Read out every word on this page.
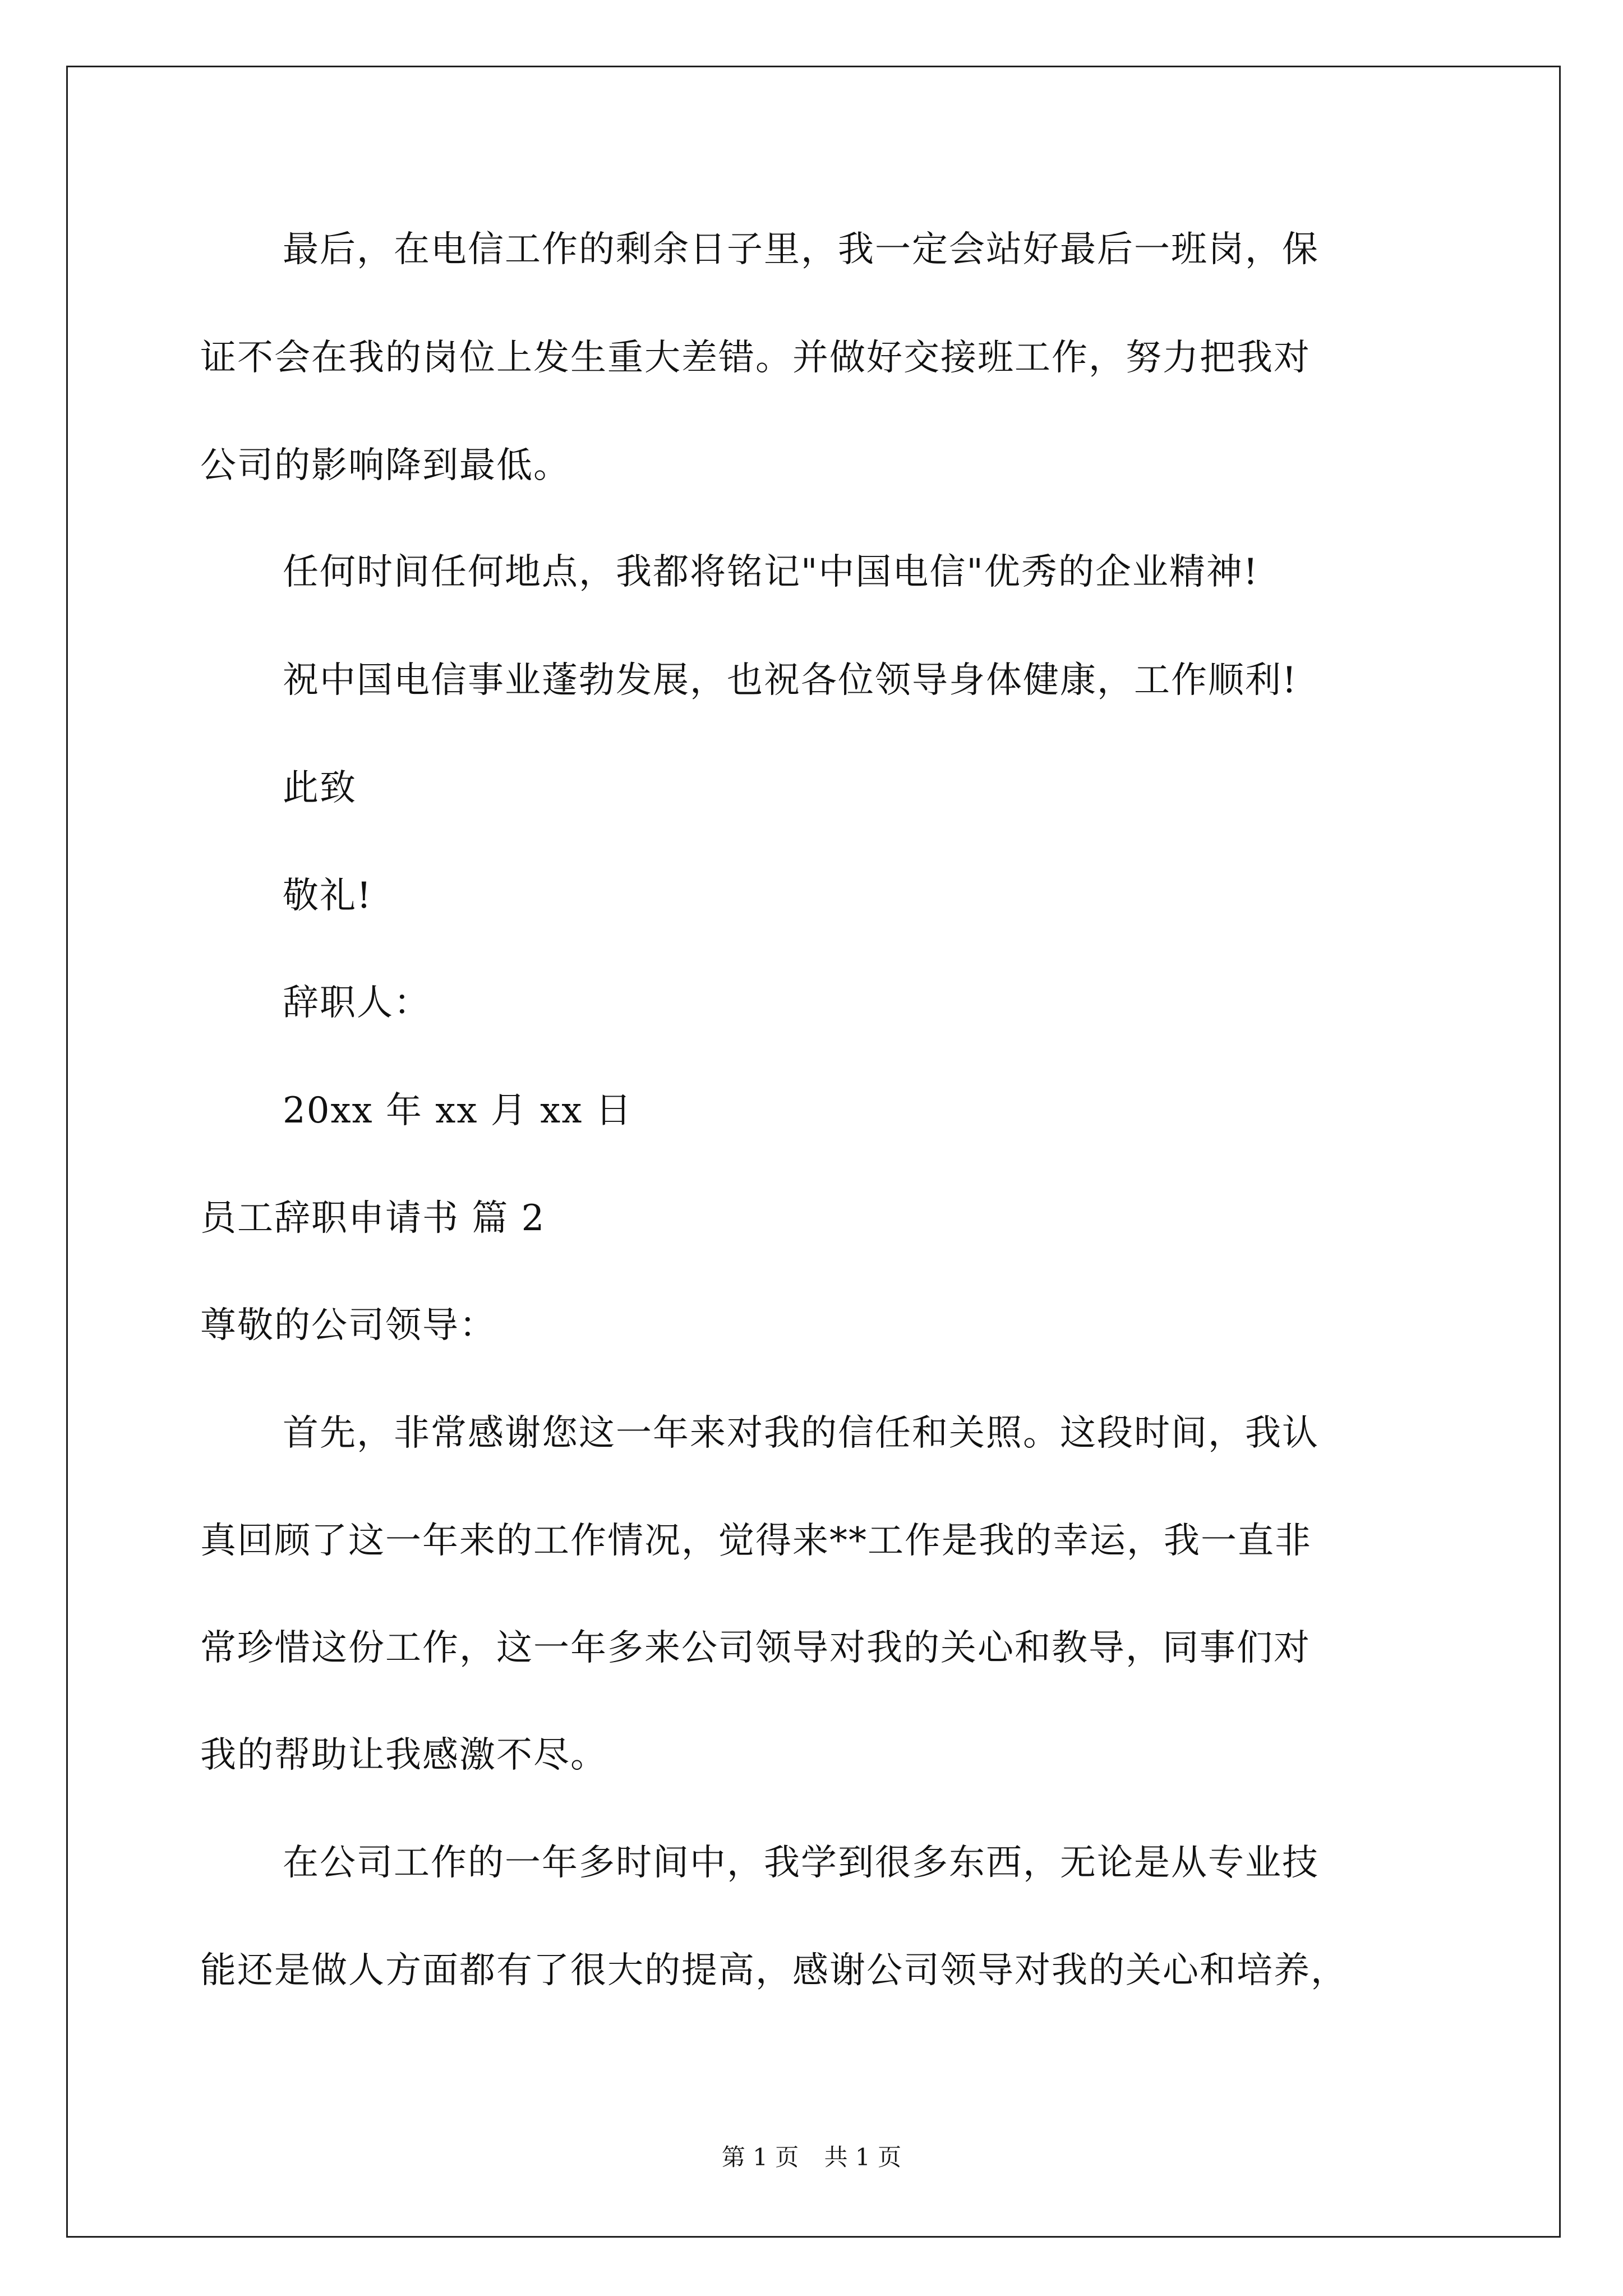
最后，在电信工作的剩余日子里，我一定会站好最后一班岗，保
证不会在我的岗位上发生重大差错。并做好交接班工作，努力把我对
公司的影响降到最低。
任何时间任何地点，我都将铭记"中国电信"优秀的企业精神!
祝中国电信事业蓬勃发展，也祝各位领导身体健康，工作顺利!
此致
敬礼!
辞职人：
20xx 年 xx 月 xx 日
员工辞职申请书 篇 2
尊敬的公司领导：
首先，非常感谢您这一年来对我的信任和关照。这段时间，我认
真回顾了这一年来的工作情况，觉得来**工作是我的幸运，我一直非
常珍惜这份工作，这一年多来公司领导对我的关心和教导，同事们对
我的帮助让我感激不尽。
在公司工作的一年多时间中，我学到很多东西，无论是从专业技
能还是做人方面都有了很大的提高，感谢公司领导对我的关心和培养，
第 1 页 共 1 页
